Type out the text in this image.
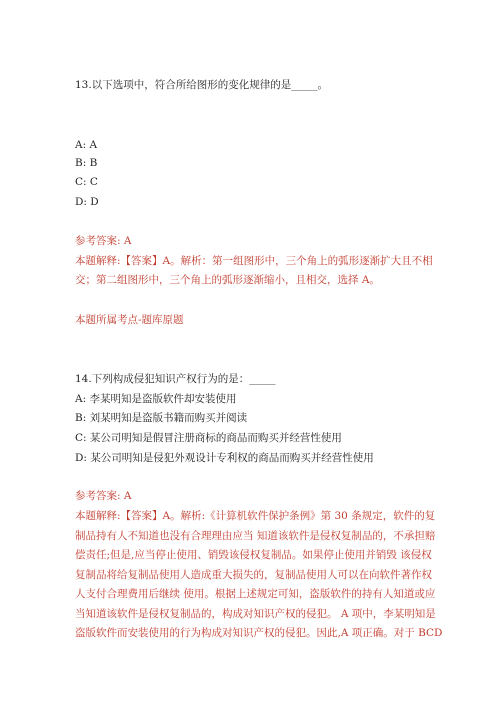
13.以下选项中，符合所给图形的变化规律的是_____。
A: A
B: B
C: C
D: D
参考答案: A
本题解释:【答案】A。解析：第一组图形中，三个角上的弧形逐渐扩大且不相
交；第二组图形中，三个角上的弧形逐渐缩小，且相交，选择 A。
本题所属考点-题库原题
14.下列构成侵犯知识产权行为的是：_____
A: 李某明知是盗版软件却安装使用
B: 刘某明知是盗版书籍而购买并阅读
C: 某公司明知是假冒注册商标的商品而购买并经营性使用
D: 某公司明知是侵犯外观设计专利权的商品而购买并经营性使用
参考答案: A
本题解释:【答案】A。解析:《计算机软件保护条例》第 30 条规定，软件的复
制品持有人不知道也没有合理理由应当 知道该软件是侵权复制品的，不承担赔
偿责任;但是,应当停止使用、销毁该侵权复制品。如果停止使用并销毁 该侵权
复制品将给复制品使用人造成重大损失的，复制品使用人可以在向软件著作权
人支付合理费用后继续 使用。根据上述规定可知，盗版软件的持有人知道或应
当知道该软件是侵权复制品的，构成对知识产权的侵犯。 A 项中，李某明知是
盗版软件而安装使用的行为构成对知识产权的侵犯。因此,A 项正确。对于 BCD
